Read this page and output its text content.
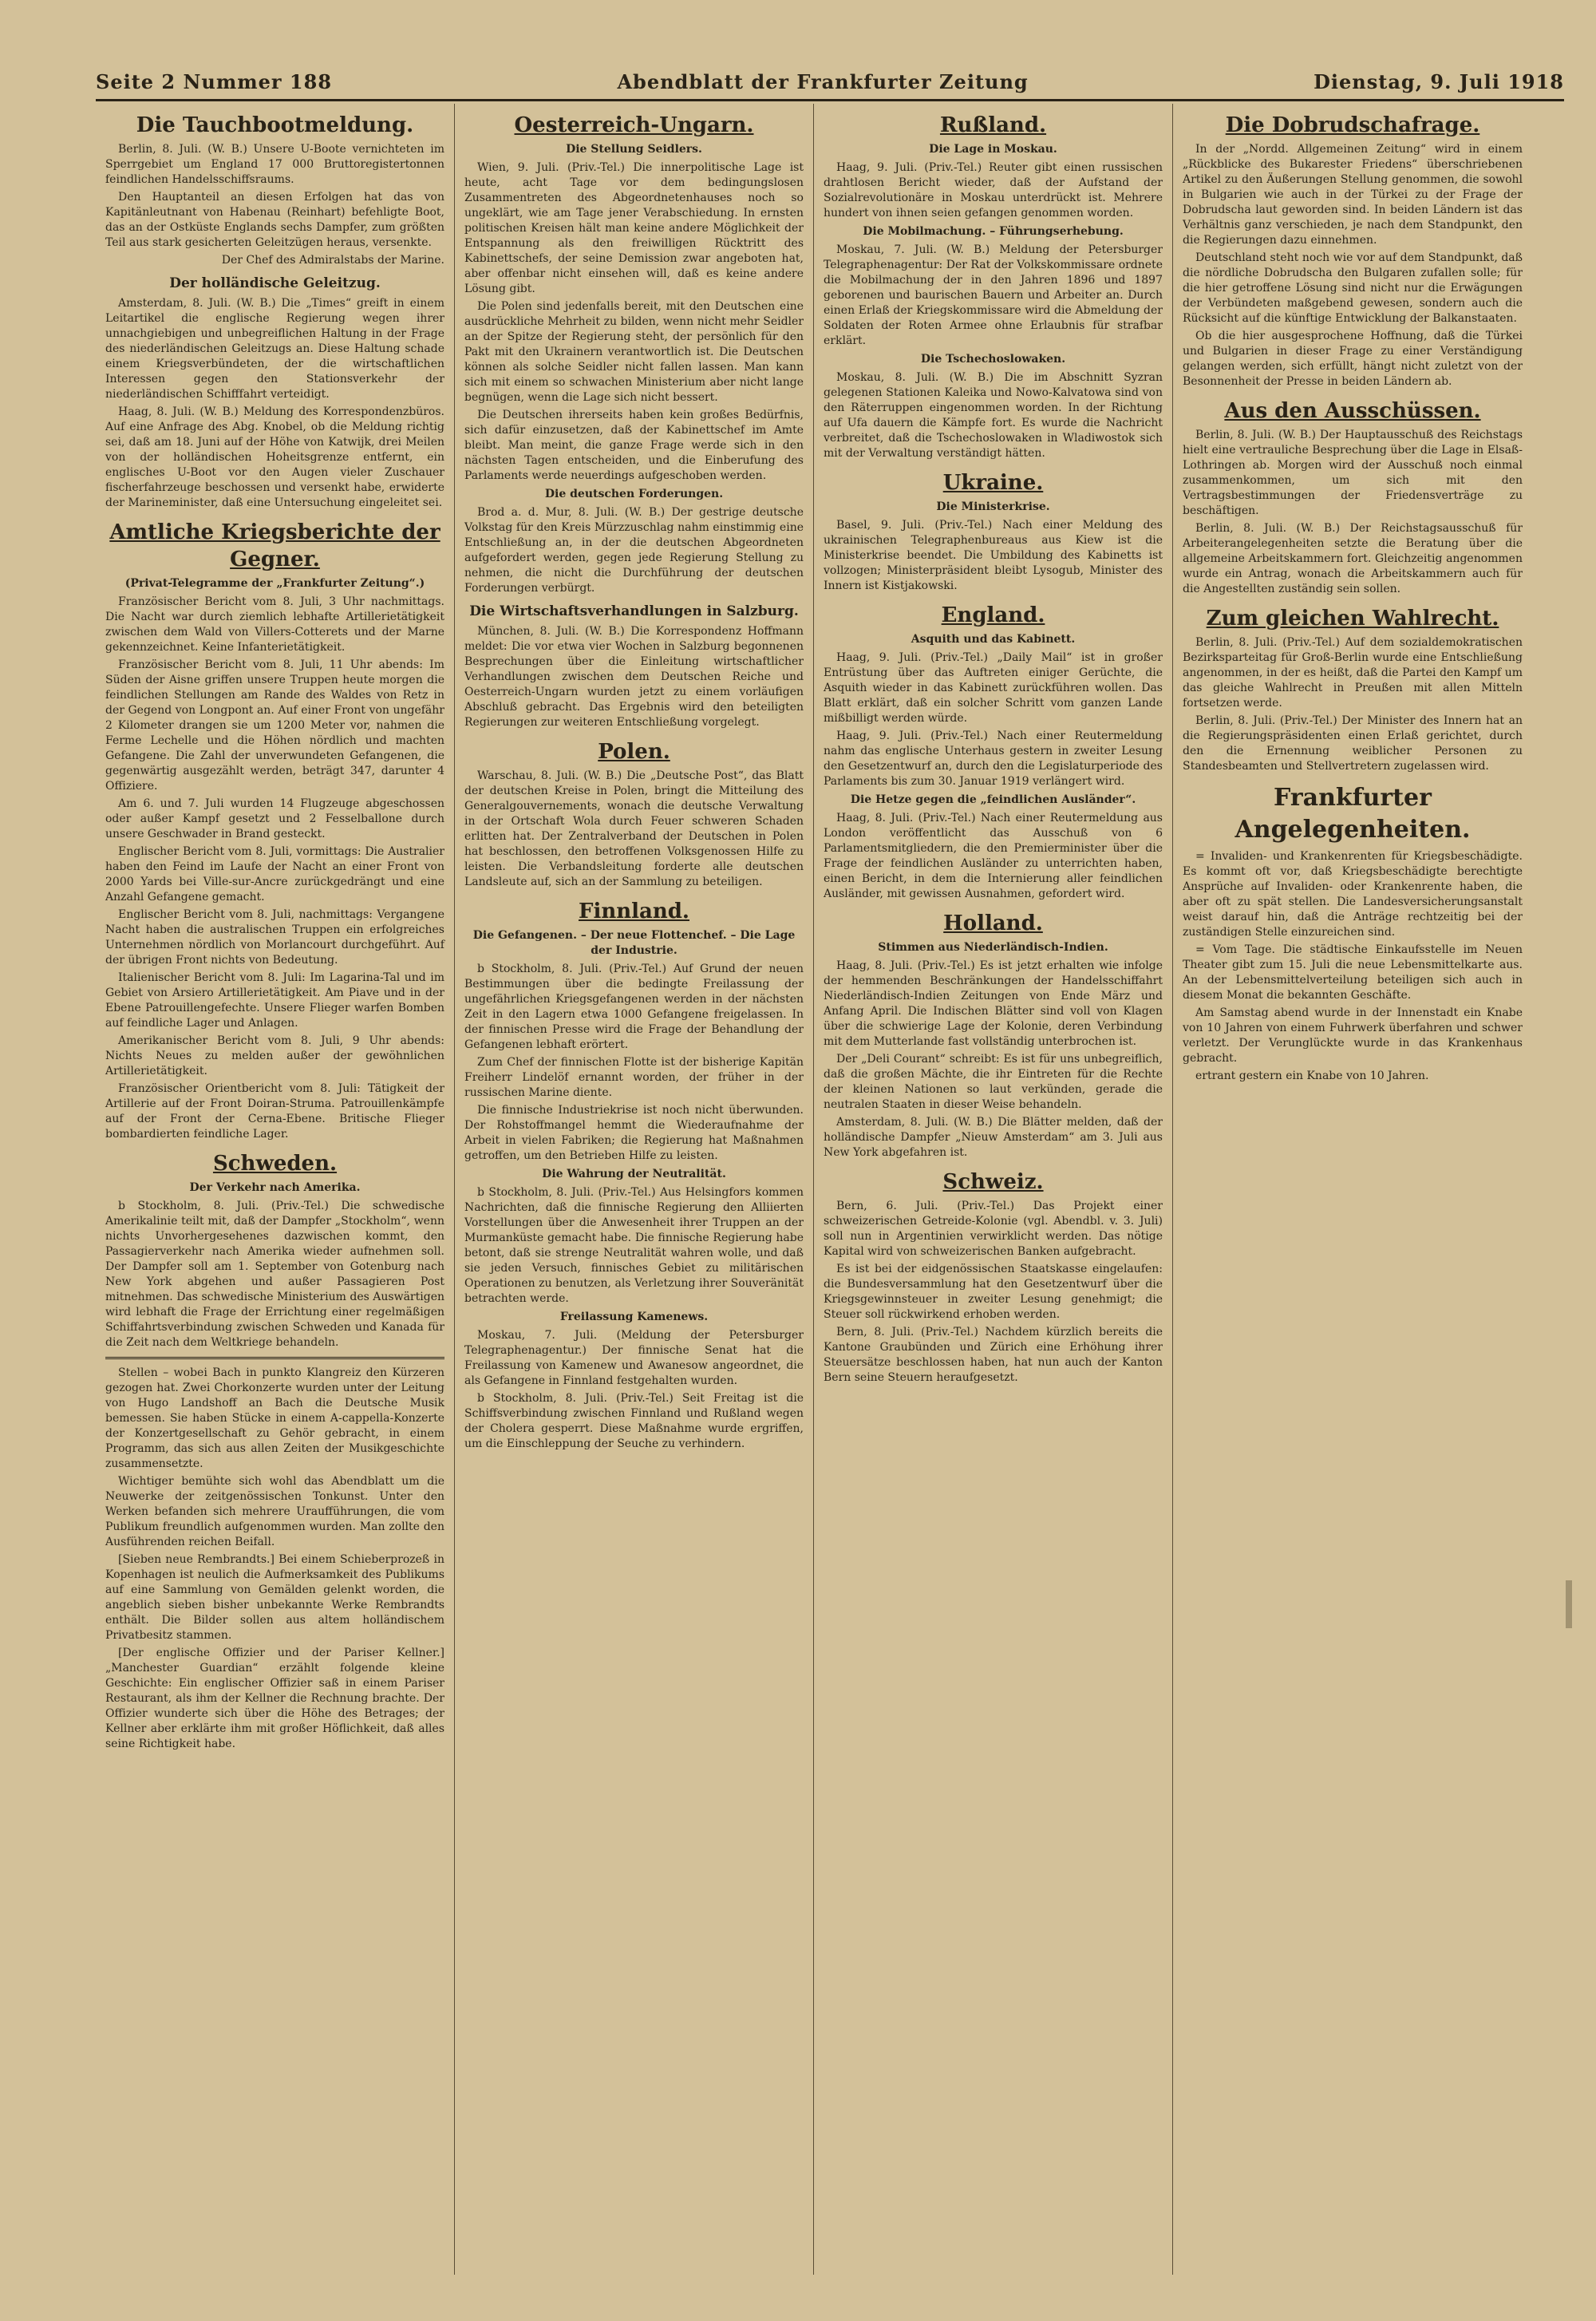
Seite 2 Nummer 188	Abendblatt der Frankfurter Zeitung	Dienstag, 9. Juli 1918
Die Tauchbootmeldung.

Berlin, 8. Juli. (W. B.) Unsere U-Boote vernichteten im Sperrgebiet um England 17 000 Bruttoregistertonnen feindlichen Handelsschiffsraums.

Den Hauptanteil an diesen Erfolgen hat das von Kapitänleutnant von Habenau (Reinhart) befehligte Boot, das an der Ostküste Englands sechs Dampfer, zum größten Teil aus stark gesicherten Geleitzügen heraus, versenkte.

Der Chef des Admiralstabs der Marine.

Der holländische Geleitzug.

Amsterdam, 8. Juli. (W. B.) Die „Times“ greift in einem Leitartikel die englische Regierung wegen ihrer unnachgiebigen und unbegreiflichen Haltung in der Frage des niederländischen Geleitzugs an. Diese Haltung schade einem Kriegsverbündeten, der die wirtschaftlichen Interessen gegen den Stationsverkehr der niederländischen Schifffahrt verteidigt.

Haag, 8. Juli. (W. B.) Meldung des Korrespondenzbüros. Auf eine Anfrage des Abg. Knobel, ob die Meldung richtig sei, daß am 18. Juni auf der Höhe von Katwijk, drei Meilen von der holländischen Hoheitsgrenze entfernt, ein englisches U-Boot vor den Augen vieler Zuschauer fischerfahrzeuge beschossen und versenkt habe, erwiderte der Marineminister, daß eine Untersuchung eingeleitet sei.

Amtliche Kriegsberichte der Gegner.
(Privat-Telegramme der „Frankfurter Zeitung“.)

Französischer Bericht vom 8. Juli, 3 Uhr nachmittags. Die Nacht war durch ziemlich lebhafte Artillerietätigkeit zwischen dem Wald von Villers-Cotterets und der Marne gekennzeichnet. Keine Infanterietätigkeit.

Französischer Bericht vom 8. Juli, 11 Uhr abends: Im Süden der Aisne griffen unsere Truppen heute morgen die feindlichen Stellungen am Rande des Waldes von Retz in der Gegend von Longpont an. Auf einer Front von ungefähr 2 Kilometer drangen sie um 1200 Meter vor, nahmen die Ferme Lechelle und die Höhen nördlich und machten Gefangene. Die Zahl der unverwundeten Gefangenen, die gegenwärtig ausgezählt werden, beträgt 347, darunter 4 Offiziere.

Am 6. und 7. Juli wurden 14 Flugzeuge abgeschossen oder außer Kampf gesetzt und 2 Fesselballone durch unsere Geschwader in Brand gesteckt.

Englischer Bericht vom 8. Juli, vormittags: Die Australier haben den Feind im Laufe der Nacht an einer Front von 2000 Yards bei Ville-sur-Ancre zurückgedrängt und eine Anzahl Gefangene gemacht.

Englischer Bericht vom 8. Juli, nachmittags: Vergangene Nacht haben die australischen Truppen ein erfolgreiches Unternehmen nördlich von Morlancourt durchgeführt. Auf der übrigen Front nichts von Bedeutung.

Italienischer Bericht vom 8. Juli: Im Lagarina-Tal und im Gebiet von Arsiero Artillerietätigkeit. Am Piave und in der Ebene Patrouillengefechte. Unsere Flieger warfen Bomben auf feindliche Lager und Anlagen.

Amerikanischer Bericht vom 8. Juli, 9 Uhr abends: Nichts Neues zu melden außer der gewöhnlichen Artillerietätigkeit.

Französischer Orientbericht vom 8. Juli: Tätigkeit der Artillerie auf der Front Doiran-Struma. Patrouillenkämpfe auf der Front der Cerna-Ebene. Britische Flieger bombardierten feindliche Lager.

Schweden.
Der Verkehr nach Amerika.

b Stockholm, 8. Juli. (Priv.-Tel.) Die schwedische Amerikalinie teilt mit, daß der Dampfer „Stockholm“, wenn nichts Unvorhergesehenes dazwischen kommt, den Passagierverkehr nach Amerika wieder aufnehmen soll. Der Dampfer soll am 1. September von Gotenburg nach New York abgehen und außer Passagieren Post mitnehmen. Das schwedische Ministerium des Auswärtigen wird lebhaft die Frage der Errichtung einer regelmäßigen Schiffahrtsverbindung zwischen Schweden und Kanada für die Zeit nach dem Weltkriege behandeln.

Stellen – wobei Bach in punkto Klangreiz den Kürzeren gezogen hat. Zwei Chorkonzerte wurden unter der Leitung von Hugo Landshoff an Bach die Deutsche Musik bemessen. Sie haben Stücke in einem A-cappella-Konzerte der Konzertgesellschaft zu Gehör gebracht, in einem Programm, das sich aus allen Zeiten der Musikgeschichte zusammensetzte.

Wichtiger bemühte sich wohl das Abendblatt um die Neuwerke der zeitgenössischen Tonkunst. Unter den Werken befanden sich mehrere Uraufführungen, die vom Publikum freundlich aufgenommen wurden. Man zollte den Ausführenden reichen Beifall.

[Sieben neue Rembrandts.] Bei einem Schieberprozeß in Kopenhagen ist neulich die Aufmerksamkeit des Publikums auf eine Sammlung von Gemälden gelenkt worden, die angeblich sieben bisher unbekannte Werke Rembrandts enthält. Die Bilder sollen aus altem holländischem Privatbesitz stammen.

[Der englische Offizier und der Pariser Kellner.] „Manchester Guardian“ erzählt folgende kleine Geschichte: Ein englischer Offizier saß in einem Pariser Restaurant, als ihm der Kellner die Rechnung brachte. Der Offizier wunderte sich über die Höhe des Betrages; der Kellner aber erklärte ihm mit großer Höflichkeit, daß alles seine Richtigkeit habe.

Oesterreich-Ungarn.
Die Stellung Seidlers.

Wien, 9. Juli. (Priv.-Tel.) Die innerpolitische Lage ist heute, acht Tage vor dem bedingungslosen Zusammentreten des Abgeordnetenhauses noch so ungeklärt, wie am Tage jener Verabschiedung. In ernsten politischen Kreisen hält man keine andere Möglichkeit der Entspannung als den freiwilligen Rücktritt des Kabinettschefs, der seine Demission zwar angeboten hat, aber offenbar nicht einsehen will, daß es keine andere Lösung gibt.

Die Polen sind jedenfalls bereit, mit den Deutschen eine ausdrückliche Mehrheit zu bilden, wenn nicht mehr Seidler an der Spitze der Regierung steht, der persönlich für den Pakt mit den Ukrainern verantwortlich ist. Die Deutschen können als solche Seidler nicht fallen lassen. Man kann sich mit einem so schwachen Ministerium aber nicht lange begnügen, wenn die Lage sich nicht bessert.

Die Deutschen ihrerseits haben kein großes Bedürfnis, sich dafür einzusetzen, daß der Kabinettschef im Amte bleibt. Man meint, die ganze Frage werde sich in den nächsten Tagen entscheiden, und die Einberufung des Parlaments werde neuerdings aufgeschoben werden.

Die deutschen Forderungen.

Brod a. d. Mur, 8. Juli. (W. B.) Der gestrige deutsche Volkstag für den Kreis Mürzzuschlag nahm einstimmig eine Entschließung an, in der die deutschen Abgeordneten aufgefordert werden, gegen jede Regierung Stellung zu nehmen, die nicht die Durchführung der deutschen Forderungen verbürgt.

Die Wirtschaftsverhandlungen in Salzburg.

München, 8. Juli. (W. B.) Die Korrespondenz Hoffmann meldet: Die vor etwa vier Wochen in Salzburg begonnenen Besprechungen über die Einleitung wirtschaftlicher Verhandlungen zwischen dem Deutschen Reiche und Oesterreich-Ungarn wurden jetzt zu einem vorläufigen Abschluß gebracht. Das Ergebnis wird den beteiligten Regierungen zur weiteren Entschließung vorgelegt.

Polen.

Warschau, 8. Juli. (W. B.) Die „Deutsche Post“, das Blatt der deutschen Kreise in Polen, bringt die Mitteilung des Generalgouvernements, wonach die deutsche Verwaltung in der Ortschaft Wola durch Feuer schweren Schaden erlitten hat. Der Zentralverband der Deutschen in Polen hat beschlossen, den betroffenen Volksgenossen Hilfe zu leisten. Die Verbandsleitung forderte alle deutschen Landsleute auf, sich an der Sammlung zu beteiligen.

Finnland.
Die Gefangenen. – Der neue Flottenchef. – Die Lage der Industrie.

b Stockholm, 8. Juli. (Priv.-Tel.) Auf Grund der neuen Bestimmungen über die bedingte Freilassung der ungefährlichen Kriegsgefangenen werden in der nächsten Zeit in den Lagern etwa 1000 Gefangene freigelassen. In der finnischen Presse wird die Frage der Behandlung der Gefangenen lebhaft erörtert.

Zum Chef der finnischen Flotte ist der bisherige Kapitän Freiherr Lindelöf ernannt worden, der früher in der russischen Marine diente.

Die finnische Industriekrise ist noch nicht überwunden. Der Rohstoffmangel hemmt die Wiederaufnahme der Arbeit in vielen Fabriken; die Regierung hat Maßnahmen getroffen, um den Betrieben Hilfe zu leisten.

Die Wahrung der Neutralität.

b Stockholm, 8. Juli. (Priv.-Tel.) Aus Helsingfors kommen Nachrichten, daß die finnische Regierung den Alliierten Vorstellungen über die Anwesenheit ihrer Truppen an der Murmanküste gemacht habe. Die finnische Regierung habe betont, daß sie strenge Neutralität wahren wolle, und daß sie jeden Versuch, finnisches Gebiet zu militärischen Operationen zu benutzen, als Verletzung ihrer Souveränität betrachten werde.

Freilassung Kamenews.

Moskau, 7. Juli. (Meldung der Petersburger Telegraphenagentur.) Der finnische Senat hat die Freilassung von Kamenew und Awanesow angeordnet, die als Gefangene in Finnland festgehalten wurden.

b Stockholm, 8. Juli. (Priv.-Tel.) Seit Freitag ist die Schiffsverbindung zwischen Finnland und Rußland wegen der Cholera gesperrt. Diese Maßnahme wurde ergriffen, um die Einschleppung der Seuche zu verhindern.

Rußland.
Die Lage in Moskau.

Haag, 9. Juli. (Priv.-Tel.) Reuter gibt einen russischen drahtlosen Bericht wieder, daß der Aufstand der Sozialrevolutionäre in Moskau unterdrückt ist. Mehrere hundert von ihnen seien gefangen genommen worden.

Die Mobilmachung. – Führungserhebung.

Moskau, 7. Juli. (W. B.) Meldung der Petersburger Telegraphenagentur: Der Rat der Volkskommissare ordnete die Mobilmachung der in den Jahren 1896 und 1897 geborenen und baurischen Bauern und Arbeiter an. Durch einen Erlaß der Kriegskommissare wird die Abmeldung der Soldaten der Roten Armee ohne Erlaubnis für strafbar erklärt.

Die Tschechoslowaken.

Moskau, 8. Juli. (W. B.) Die im Abschnitt Syzran gelegenen Stationen Kaleika und Nowo-Kalvatowa sind von den Räterruppen eingenommen worden. In der Richtung auf Ufa dauern die Kämpfe fort. Es wurde die Nachricht verbreitet, daß die Tschechoslowaken in Wladiwostok sich mit der Verwaltung verständigt hätten.

Ukraine.
Die Ministerkrise.

Basel, 9. Juli. (Priv.-Tel.) Nach einer Meldung des ukrainischen Telegraphenbureaus aus Kiew ist die Ministerkrise beendet. Die Umbildung des Kabinetts ist vollzogen; Ministerpräsident bleibt Lysogub, Minister des Innern ist Kistjakowski.

England.
Asquith und das Kabinett.

Haag, 9. Juli. (Priv.-Tel.) „Daily Mail“ ist in großer Entrüstung über das Auftreten einiger Gerüchte, die Asquith wieder in das Kabinett zurückführen wollen. Das Blatt erklärt, daß ein solcher Schritt vom ganzen Lande mißbilligt werden würde.

Haag, 9. Juli. (Priv.-Tel.) Nach einer Reutermeldung nahm das englische Unterhaus gestern in zweiter Lesung den Gesetzentwurf an, durch den die Legislaturperiode des Parlaments bis zum 30. Januar 1919 verlängert wird.

Die Hetze gegen die „feindlichen Ausländer“.

Haag, 8. Juli. (Priv.-Tel.) Nach einer Reutermeldung aus London veröffentlicht das Ausschuß von 6 Parlamentsmitgliedern, die den Premierminister über die Frage der feindlichen Ausländer zu unterrichten haben, einen Bericht, in dem die Internierung aller feindlichen Ausländer, mit gewissen Ausnahmen, gefordert wird.

Holland.
Stimmen aus Niederländisch-Indien.

Haag, 8. Juli. (Priv.-Tel.) Es ist jetzt erhalten wie infolge der hemmenden Beschränkungen der Handelsschiffahrt Niederländisch-Indien Zeitungen von Ende März und Anfang April. Die Indischen Blätter sind voll von Klagen über die schwierige Lage der Kolonie, deren Verbindung mit dem Mutterlande fast vollständig unterbrochen ist.

Der „Deli Courant“ schreibt: Es ist für uns unbegreiflich, daß die großen Mächte, die ihr Eintreten für die Rechte der kleinen Nationen so laut verkünden, gerade die neutralen Staaten in dieser Weise behandeln.

Amsterdam, 8. Juli. (W. B.) Die Blätter melden, daß der holländische Dampfer „Nieuw Amsterdam“ am 3. Juli aus New York abgefahren ist.

Schweiz.

Bern, 6. Juli. (Priv.-Tel.) Das Projekt einer schweizerischen Getreide-Kolonie (vgl. Abendbl. v. 3. Juli) soll nun in Argentinien verwirklicht werden. Das nötige Kapital wird von schweizerischen Banken aufgebracht.

Es ist bei der eidgenössischen Staatskasse eingelaufen: die Bundesversammlung hat den Gesetzentwurf über die Kriegsgewinnsteuer in zweiter Lesung genehmigt; die Steuer soll rückwirkend erhoben werden.

Bern, 8. Juli. (Priv.-Tel.) Nachdem kürzlich bereits die Kantone Graubünden und Zürich eine Erhöhung ihrer Steuersätze beschlossen haben, hat nun auch der Kanton Bern seine Steuern heraufgesetzt.

Die Dobrudschafrage.

In der „Nordd. Allgemeinen Zeitung“ wird in einem „Rückblicke des Bukarester Friedens“ überschriebenen Artikel zu den Äußerungen Stellung genommen, die sowohl in Bulgarien wie auch in der Türkei zu der Frage der Dobrudscha laut geworden sind. In beiden Ländern ist das Verhältnis ganz verschieden, je nach dem Standpunkt, den die Regierungen dazu einnehmen.

Deutschland steht noch wie vor auf dem Standpunkt, daß die nördliche Dobrudscha den Bulgaren zufallen solle; für die hier getroffene Lösung sind nicht nur die Erwägungen der Verbündeten maßgebend gewesen, sondern auch die Rücksicht auf die künftige Entwicklung der Balkanstaaten.

Ob die hier ausgesprochene Hoffnung, daß die Türkei und Bulgarien in dieser Frage zu einer Verständigung gelangen werden, sich erfüllt, hängt nicht zuletzt von der Besonnenheit der Presse in beiden Ländern ab.

Aus den Ausschüssen.

Berlin, 8. Juli. (W. B.) Der Hauptausschuß des Reichstags hielt eine vertrauliche Besprechung über die Lage in Elsaß-Lothringen ab. Morgen wird der Ausschuß noch einmal zusammenkommen, um sich mit den Vertragsbestimmungen der Friedensverträge zu beschäftigen.

Berlin, 8. Juli. (W. B.) Der Reichstagsausschuß für Arbeiterangelegenheiten setzte die Beratung über die allgemeine Arbeitskammern fort. Gleichzeitig angenommen wurde ein Antrag, wonach die Arbeitskammern auch für die Angestellten zuständig sein sollen.

Zum gleichen Wahlrecht.

Berlin, 8. Juli. (Priv.-Tel.) Auf dem sozialdemokratischen Bezirksparteitag für Groß-Berlin wurde eine Entschließung angenommen, in der es heißt, daß die Partei den Kampf um das gleiche Wahlrecht in Preußen mit allen Mitteln fortsetzen werde.

Berlin, 8. Juli. (Priv.-Tel.) Der Minister des Innern hat an die Regierungspräsidenten einen Erlaß gerichtet, durch den die Ernennung weiblicher Personen zu Standesbeamten und Stellvertretern zugelassen wird.

Frankfurter Angelegenheiten.

= Invaliden- und Krankenrenten für Kriegsbeschädigte. Es kommt oft vor, daß Kriegsbeschädigte berechtigte Ansprüche auf Invaliden- oder Krankenrente haben, die aber oft zu spät stellen. Die Landesversicherungsanstalt weist darauf hin, daß die Anträge rechtzeitig bei der zuständigen Stelle einzureichen sind.

= Vom Tage. Die städtische Einkaufsstelle im Neuen Theater gibt zum 15. Juli die neue Lebensmittelkarte aus. An der Lebensmittelverteilung beteiligen sich auch in diesem Monat die bekannten Geschäfte.

Am Samstag abend wurde in der Innenstadt ein Knabe von 10 Jahren von einem Fuhrwerk überfahren und schwer verletzt. Der Verunglückte wurde in das Krankenhaus gebracht.

ertrant gestern ein Knabe von 10 Jahren.
